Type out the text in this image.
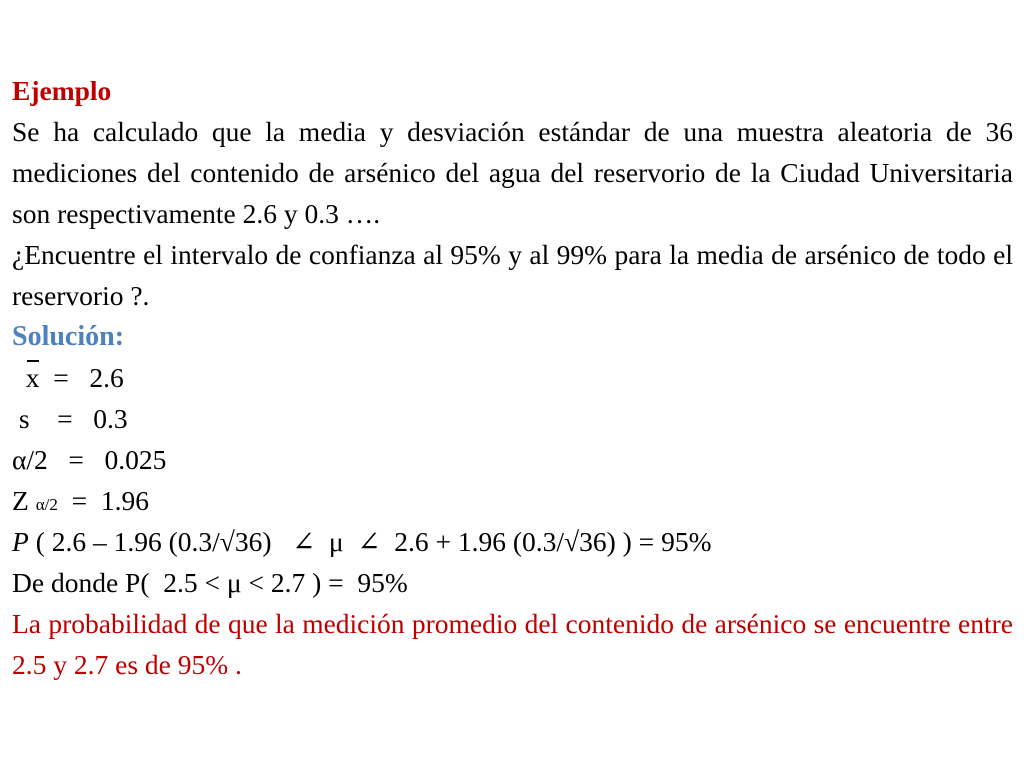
Ejemplo
Se ha calculado que la media y desviación estándar de una muestra aleatoria de 36 mediciones del contenido de arsénico del agua del reservorio de la Ciudad Universitaria son respectivamente 2.6 y 0.3 ….
¿Encuentre el intervalo de confianza al 95% y al 99% para la media de arsénico de todo el reservorio ?.
Solución:
x  =   2.6
s    =   0.3
α/2   =   0.025
Z α/2  =  1.96
P ( 2.6 – 1.96 (0.3/√36)   ∠  μ  ∠  2.6 + 1.96 (0.3/√36) ) = 95%
De donde P(  2.5 < μ < 2.7 ) =  95%
La probabilidad de que la medición promedio del contenido de arsénico se encuentre entre 2.5 y 2.7 es de 95% .
